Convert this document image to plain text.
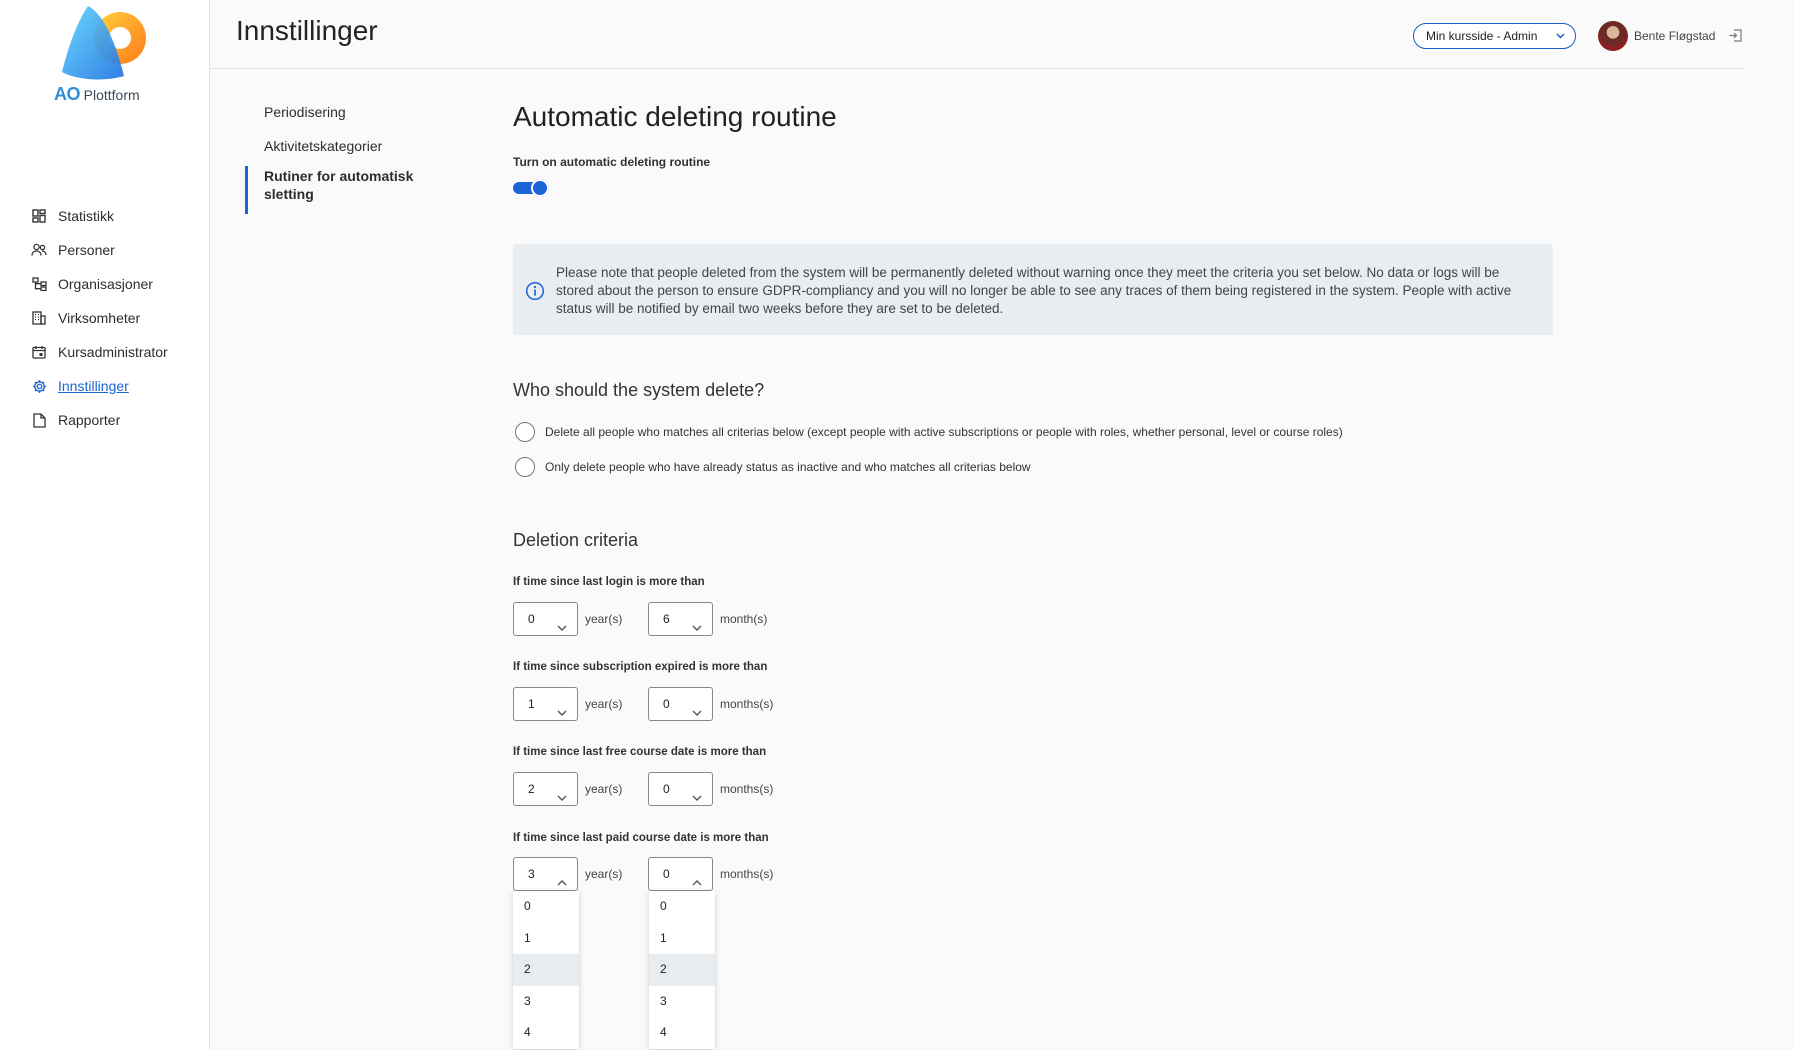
AO Plottform
Statistikk
Personer
Organisasjoner
Virksomheter
Kursadministrator
Innstillinger
Rapporter
Innstillinger	Min kursside - Admin	Bente Fløgstad
Periodisering
Aktivitetskategorier
Rutiner for automatisk sletting
Automatic deleting routine
Turn on automatic deleting routine

Please note that people deleted from the system will be permanently deleted without warning once they meet the criteria you set below. No data or logs will be stored about the person to ensure GDPR-compliancy and you will no longer be able to see any traces of them being registered in the system. People with active status will be notified by email two weeks before they are set to be deleted.

Who should the system delete?
Delete all people who matches all criterias below (except people with active subscriptions or people with roles, whether personal, level or course roles)
Only delete people who have already status as inactive and who matches all criterias below
Deletion criteria
If time since last login is more than
0	year(s)	6	month(s)
If time since subscription expired is more than
1	year(s)	0	months(s)
If time since last free course date is more than
2	year(s)	0	months(s)
If time since last paid course date is more than
3	year(s)	0	months(s)
0
1
2
3
4
0
1
2
3
4
